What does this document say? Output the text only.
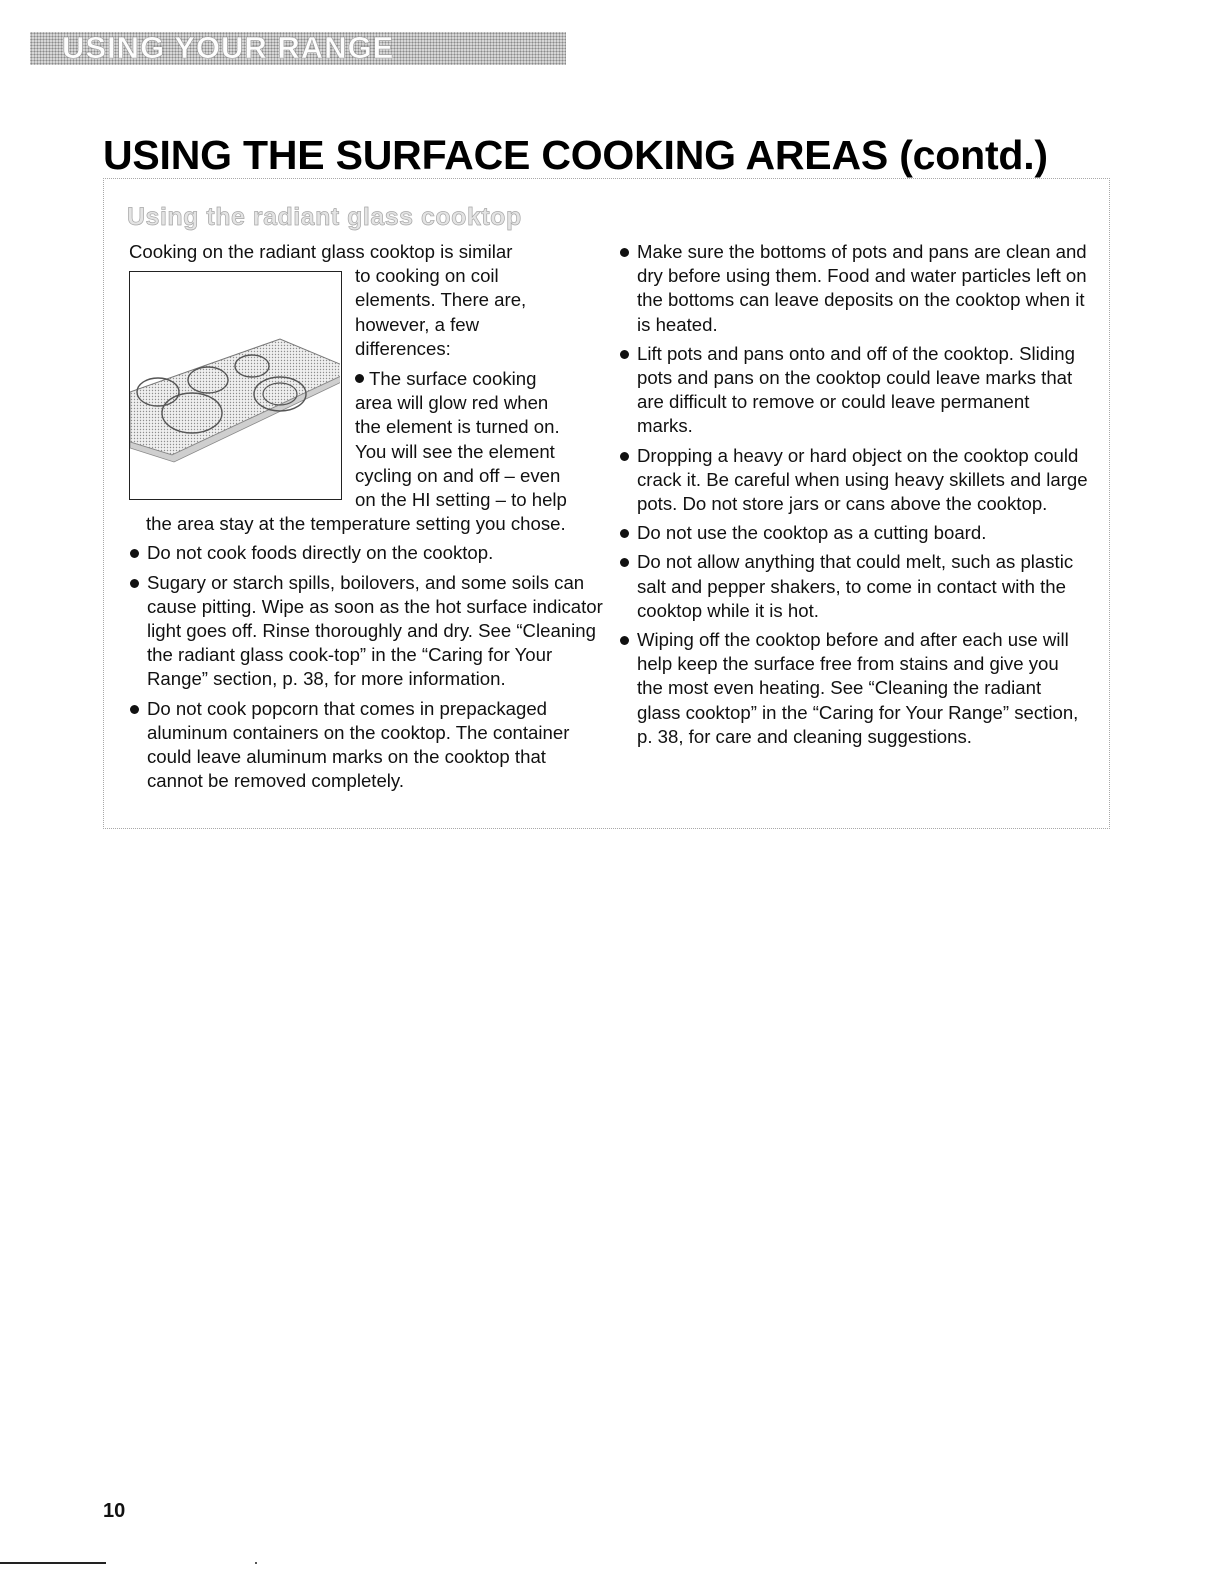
USING YOUR RANGE
USING THE SURFACE COOKING AREAS (contd.)
Using the radiant glass cooktop

Cooking on the radiant glass cooktop is similar

to cooking on coil

elements. There are,

however, a few

differences:

The surface cooking

area will glow red when

the element is turned on.

You will see the element

cycling on and off – even

on the HI setting – to help

the area stay at the temperature setting you chose.

Do not cook foods directly on the cooktop.
Sugary or starch spills, boilovers, and some soils can cause pitting. Wipe as soon as the hot surface indicator light goes off. Rinse thoroughly and dry. See “Cleaning the radiant glass cook-top” in the “Caring for Your Range” section, p. 38, for more information.
Do not cook popcorn that comes in prepackaged aluminum containers on the cooktop. The container could leave aluminum marks on the cooktop that cannot be removed completely.
Make sure the bottoms of pots and pans are clean and dry before using them. Food and water particles left on the bottoms can leave deposits on the cooktop when it is heated.
Lift pots and pans onto and off of the cooktop. Sliding pots and pans on the cooktop could leave marks that are difficult to remove or could leave permanent marks.
Dropping a heavy or hard object on the cooktop could crack it. Be careful when using heavy skillets and large pots. Do not store jars or cans above the cooktop.
Do not use the cooktop as a cutting board.
Do not allow anything that could melt, such as plastic salt and pepper shakers, to come in contact with the cooktop while it is hot.
Wiping off the cooktop before and after each use will help keep the surface free from stains and give you the most even heating. See “Cleaning the radiant glass cooktop” in the “Caring for Your Range” section, p. 38, for care and cleaning suggestions.
10
